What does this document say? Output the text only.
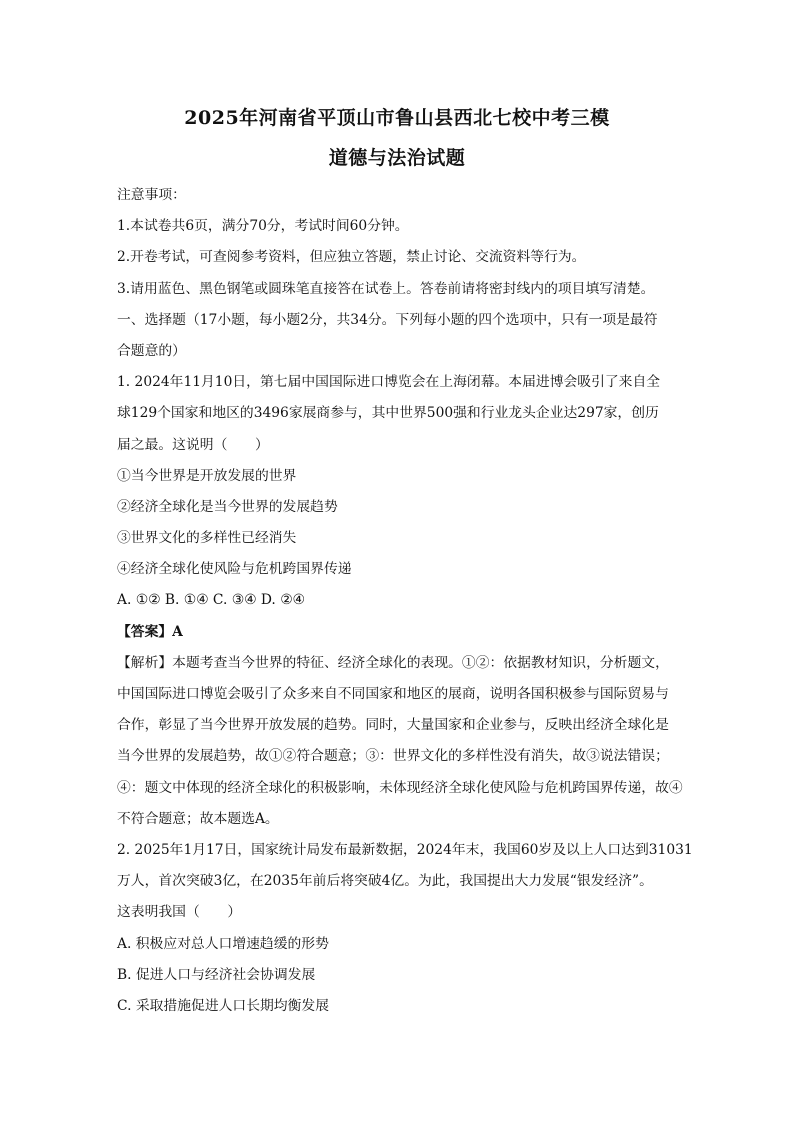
2025年河南省平顶山市鲁山县西北七校中考三模
道德与法治试题
注意事项：
1.本试卷共6页，满分70分，考试时间60分钟。
2.开卷考试，可查阅参考资料，但应独立答题，禁止讨论、交流资料等行为。
3.请用蓝色、黑色钢笔或圆珠笔直接答在试卷上。答卷前请将密封线内的项目填写清楚。
一、选择题（17小题，每小题2分，共34分。下列每小题的四个选项中，只有一项是最符
合题意的）
1. 2024年11月10日，第七届中国国际进口博览会在上海闭幕。本届进博会吸引了来自全
球129个国家和地区的3496家展商参与，其中世界500强和行业龙头企业达297家，创历
届之最。这说明（　　）
①当今世界是开放发展的世界
②经济全球化是当今世界的发展趋势
③世界文化的多样性已经消失
④经济全球化使风险与危机跨国界传递
A. ①② B. ①④ C. ③④ D. ②④
【答案】A
【解析】本题考查当今世界的特征、经济全球化的表现。①②：依据教材知识，分析题文，
中国国际进口博览会吸引了众多来自不同国家和地区的展商，说明各国积极参与国际贸易与
合作，彰显了当今世界开放发展的趋势。同时，大量国家和企业参与，反映出经济全球化是
当今世界的发展趋势，故①②符合题意；③：世界文化的多样性没有消失，故③说法错误；
④：题文中体现的经济全球化的积极影响，未体现经济全球化使风险与危机跨国界传递，故④
不符合题意；故本题选A。
2. 2025年1月17日，国家统计局发布最新数据，2024年末，我国60岁及以上人口达到31031
万人，首次突破3亿，在2035年前后将突破4亿。为此，我国提出大力发展“银发经济”。
这表明我国（　　）
A. 积极应对总人口增速趋缓的形势
B. 促进人口与经济社会协调发展
C. 采取措施促进人口长期均衡发展
